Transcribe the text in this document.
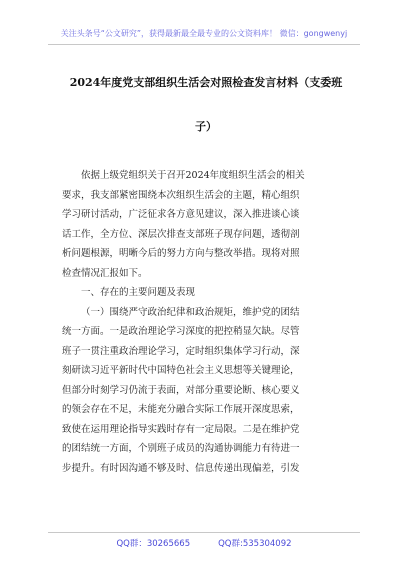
关注头条号“公文研究”，获得最新最全最专业的公文资料库！ 微信：gongwenyj
2024年度党支部组织生活会对照检查发言材料（支委班
子）
依据上级党组织关于召开2024年度组织生活会的相关
要求，我支部紧密围绕本次组织生活会的主题，精心组织
学习研讨活动，广泛征求各方意见建议，深入推进谈心谈
话工作，全方位、深层次排查支部班子现存问题，透彻剖
析问题根源，明晰今后的努力方向与整改举措。现将对照
检查情况汇报如下。
一、存在的主要问题及表现
（一）围绕严守政治纪律和政治规矩，维护党的团结
统一方面。一是政治理论学习深度的把控稍显欠缺。尽管
班子一贯注重政治理论学习，定时组织集体学习行动，深
刻研读习近平新时代中国特色社会主义思想等关键理论，
但部分时刻学习仍流于表面，对部分重要论断、核心要义
的领会存在不足，未能充分融合实际工作展开深度思索，
致使在运用理论指导实践时存有一定局限。二是在维护党
的团结统一方面，个别班子成员的沟通协调能力有待进一
步提升。有时因沟通不够及时、信息传递出现偏差，引发
QQ群：30265665	QQ群:535304092
